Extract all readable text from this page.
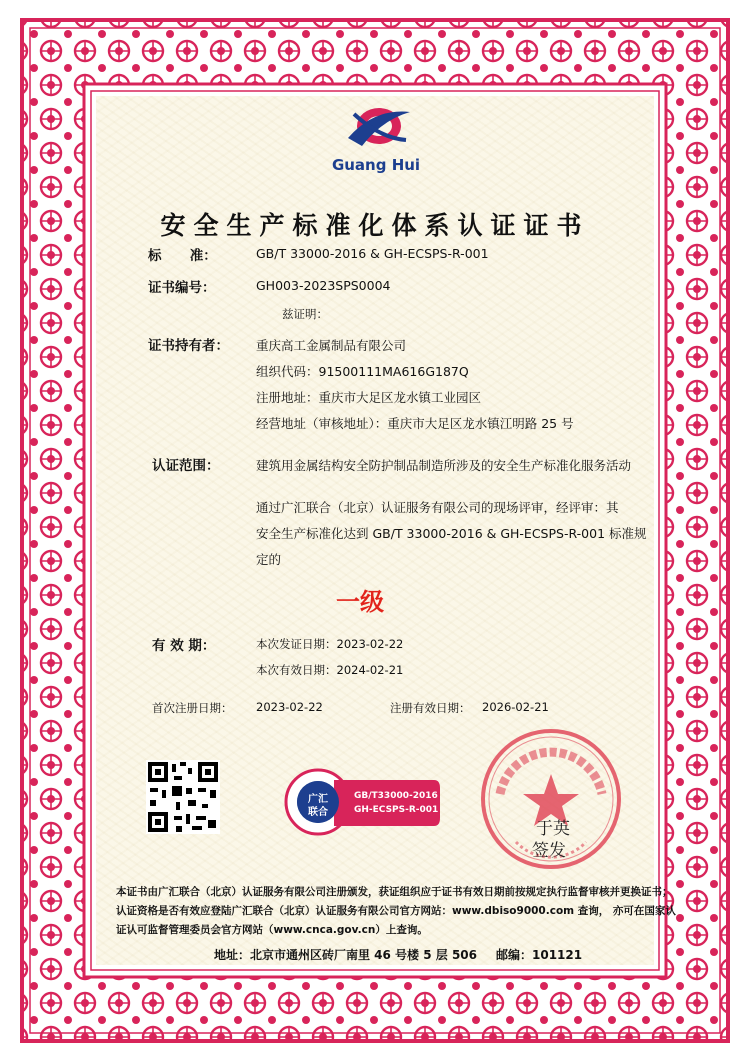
Guang Hui
安全生产标准化体系认证证书
标      准：	GB/T 33000-2016 & GH-ECSPS-R-001
证书编号：	GH003-2023SPS0004
兹证明：
证书持有者： 重庆高工金属制品有限公司
组织代码：91500111MA616G187Q
注册地址：重庆市大足区龙水镇工业园区
经营地址（审核地址）：重庆市大足区龙水镇江明路 25 号
认证范围：	建筑用金属结构安全防护制品制造所涉及的安全生产标准化服务活动
通过广汇联合（北京）认证服务有限公司的现场评审，经评审：其
安全生产标准化达到 GB/T 33000-2016 & GH-ECSPS-R-001 标准规
定的
一级
有 效 期：	本次发证日期：2023-02-22
本次有效日期：2024-02-21
首次注册日期： 2023-02-22	注册有效日期： 2026-02-21
广汇
联合
GB/T33000-2016
GH-ECSPS-R-001
于英
签发
本证书由广汇联合（北京）认证服务有限公司注册颁发，获证组织应于证书有效日期前按规定执行监督审核并更换证书；
认证资格是否有效应登陆广汇联合（北京）认证服务有限公司官方网站：www.dbiso9000.com 查询， 亦可在国家认
证认可监督管理委员会官方网站（www.cnca.gov.cn）上查询。
地址：北京市通州区砖厂南里 46 号楼 5 层 506 邮编：101121
